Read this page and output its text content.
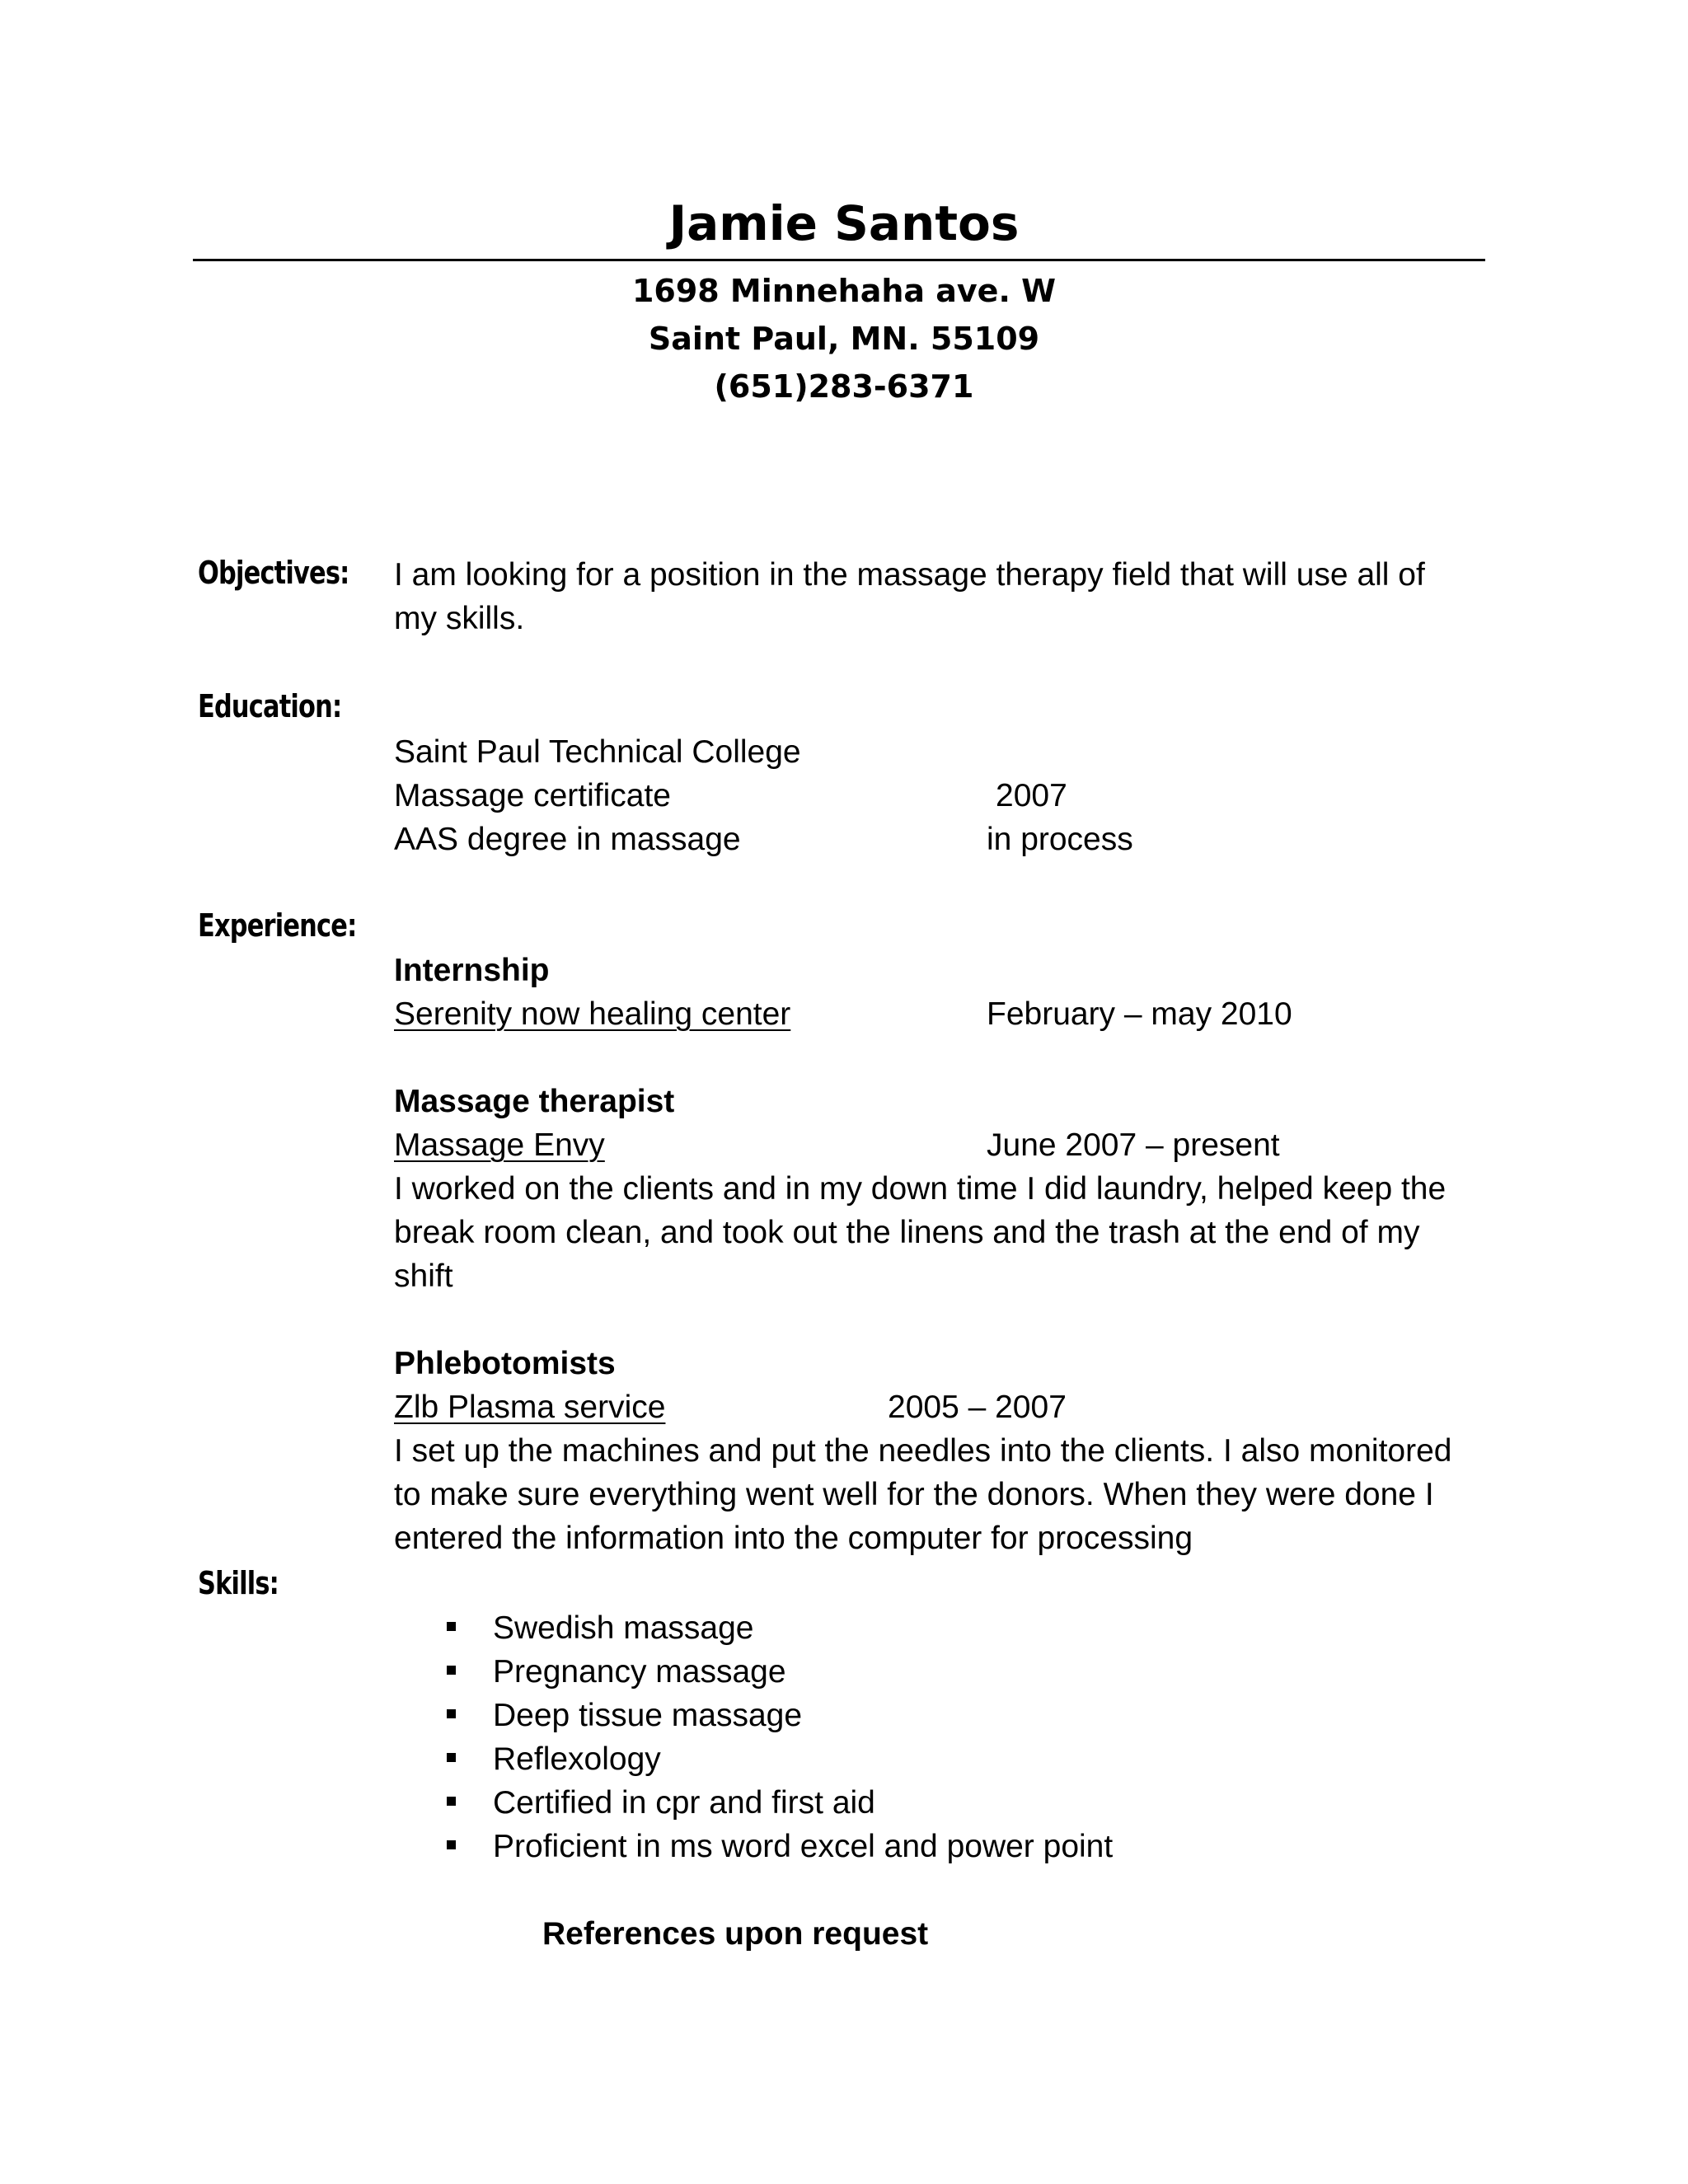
Jamie Santos
1698 Minnehaha ave. W
Saint Paul, MN. 55109
(651)283-6371
Objectives: I am looking for a position in the massage therapy field that will use all of
my skills.
Education:
Saint Paul Technical College
Massage certificate	2007
AAS degree in massage	in process
Experience:
Internship
Serenity now healing center	February – may 2010
Massage therapist
Massage Envy	June 2007 – present
I worked on the clients and in my down time I did laundry, helped keep the
break room clean, and took out the linens and the trash at the end of my
shift
Phlebotomists
Zlb Plasma service	2005 – 2007
I set up the machines and put the needles into the clients. I also monitored
to make sure everything went well for the donors. When they were done I
entered the information into the computer for processing
Skills:
Swedish massage
Pregnancy massage
Deep tissue massage
Reflexology
Certified in cpr and first aid
Proficient in ms word excel and power point
References upon request
